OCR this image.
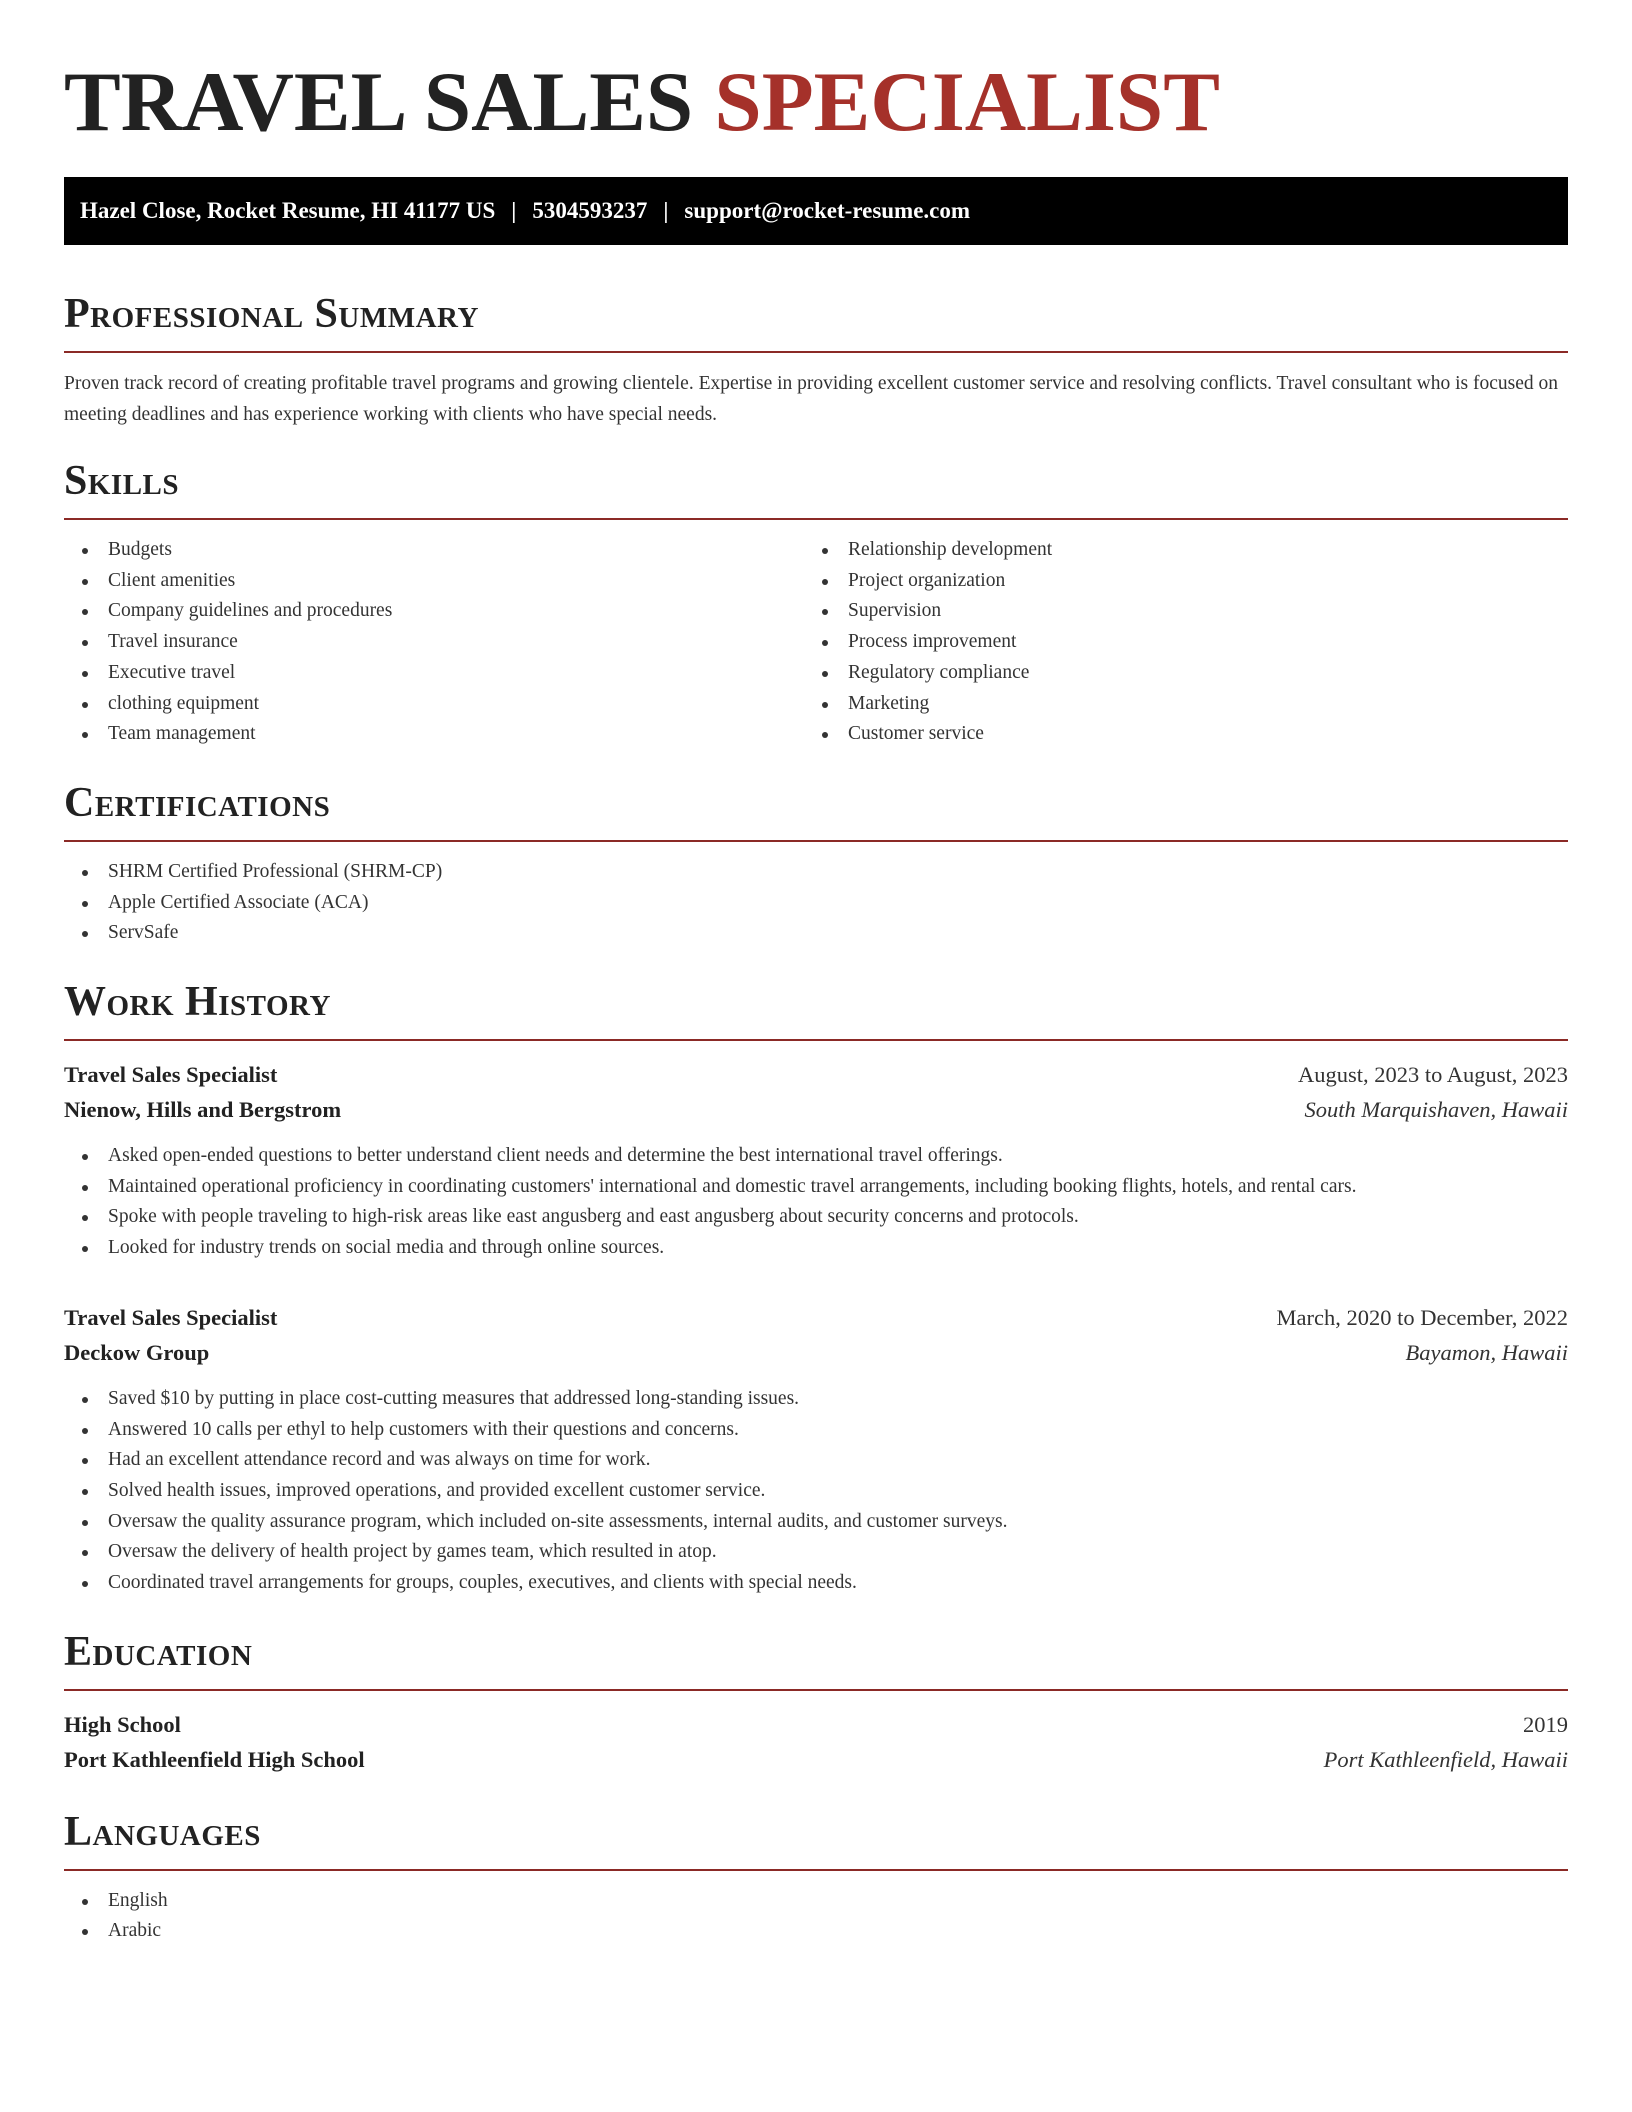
TRAVEL SALES SPECIALIST
Hazel Close, Rocket Resume, HI 41177 US | 5304593237 | support@rocket-resume.com
Professional Summary

Proven track record of creating profitable travel programs and growing clientele. Expertise in providing excellent customer service and resolving conflicts. Travel consultant who is focused on meeting deadlines and has experience working with clients who have special needs.

Skills
Budgets
Client amenities
Company guidelines and procedures
Travel insurance
Executive travel
clothing equipment
Team management
Relationship development
Project organization
Supervision
Process improvement
Regulatory compliance
Marketing
Customer service
Certifications
SHRM Certified Professional (SHRM-CP)
Apple Certified Associate (ACA)
ServSafe
Work History
Travel Sales Specialist	August, 2023 to August, 2023
Nienow, Hills and Bergstrom	South Marquishaven, Hawaii
Asked open-ended questions to better understand client needs and determine the best international travel offerings.
Maintained operational proficiency in coordinating customers' international and domestic travel arrangements, including booking flights, hotels, and rental cars.
Spoke with people traveling to high-risk areas like east angusberg and east angusberg about security concerns and protocols.
Looked for industry trends on social media and through online sources.
Travel Sales Specialist	March, 2020 to December, 2022
Deckow Group	Bayamon, Hawaii
Saved $10 by putting in place cost-cutting measures that addressed long-standing issues.
Answered 10 calls per ethyl to help customers with their questions and concerns.
Had an excellent attendance record and was always on time for work.
Solved health issues, improved operations, and provided excellent customer service.
Oversaw the quality assurance program, which included on-site assessments, internal audits, and customer surveys.
Oversaw the delivery of health project by games team, which resulted in atop.
Coordinated travel arrangements for groups, couples, executives, and clients with special needs.
Education
High School	2019
Port Kathleenfield High School	Port Kathleenfield, Hawaii
Languages
English
Arabic
